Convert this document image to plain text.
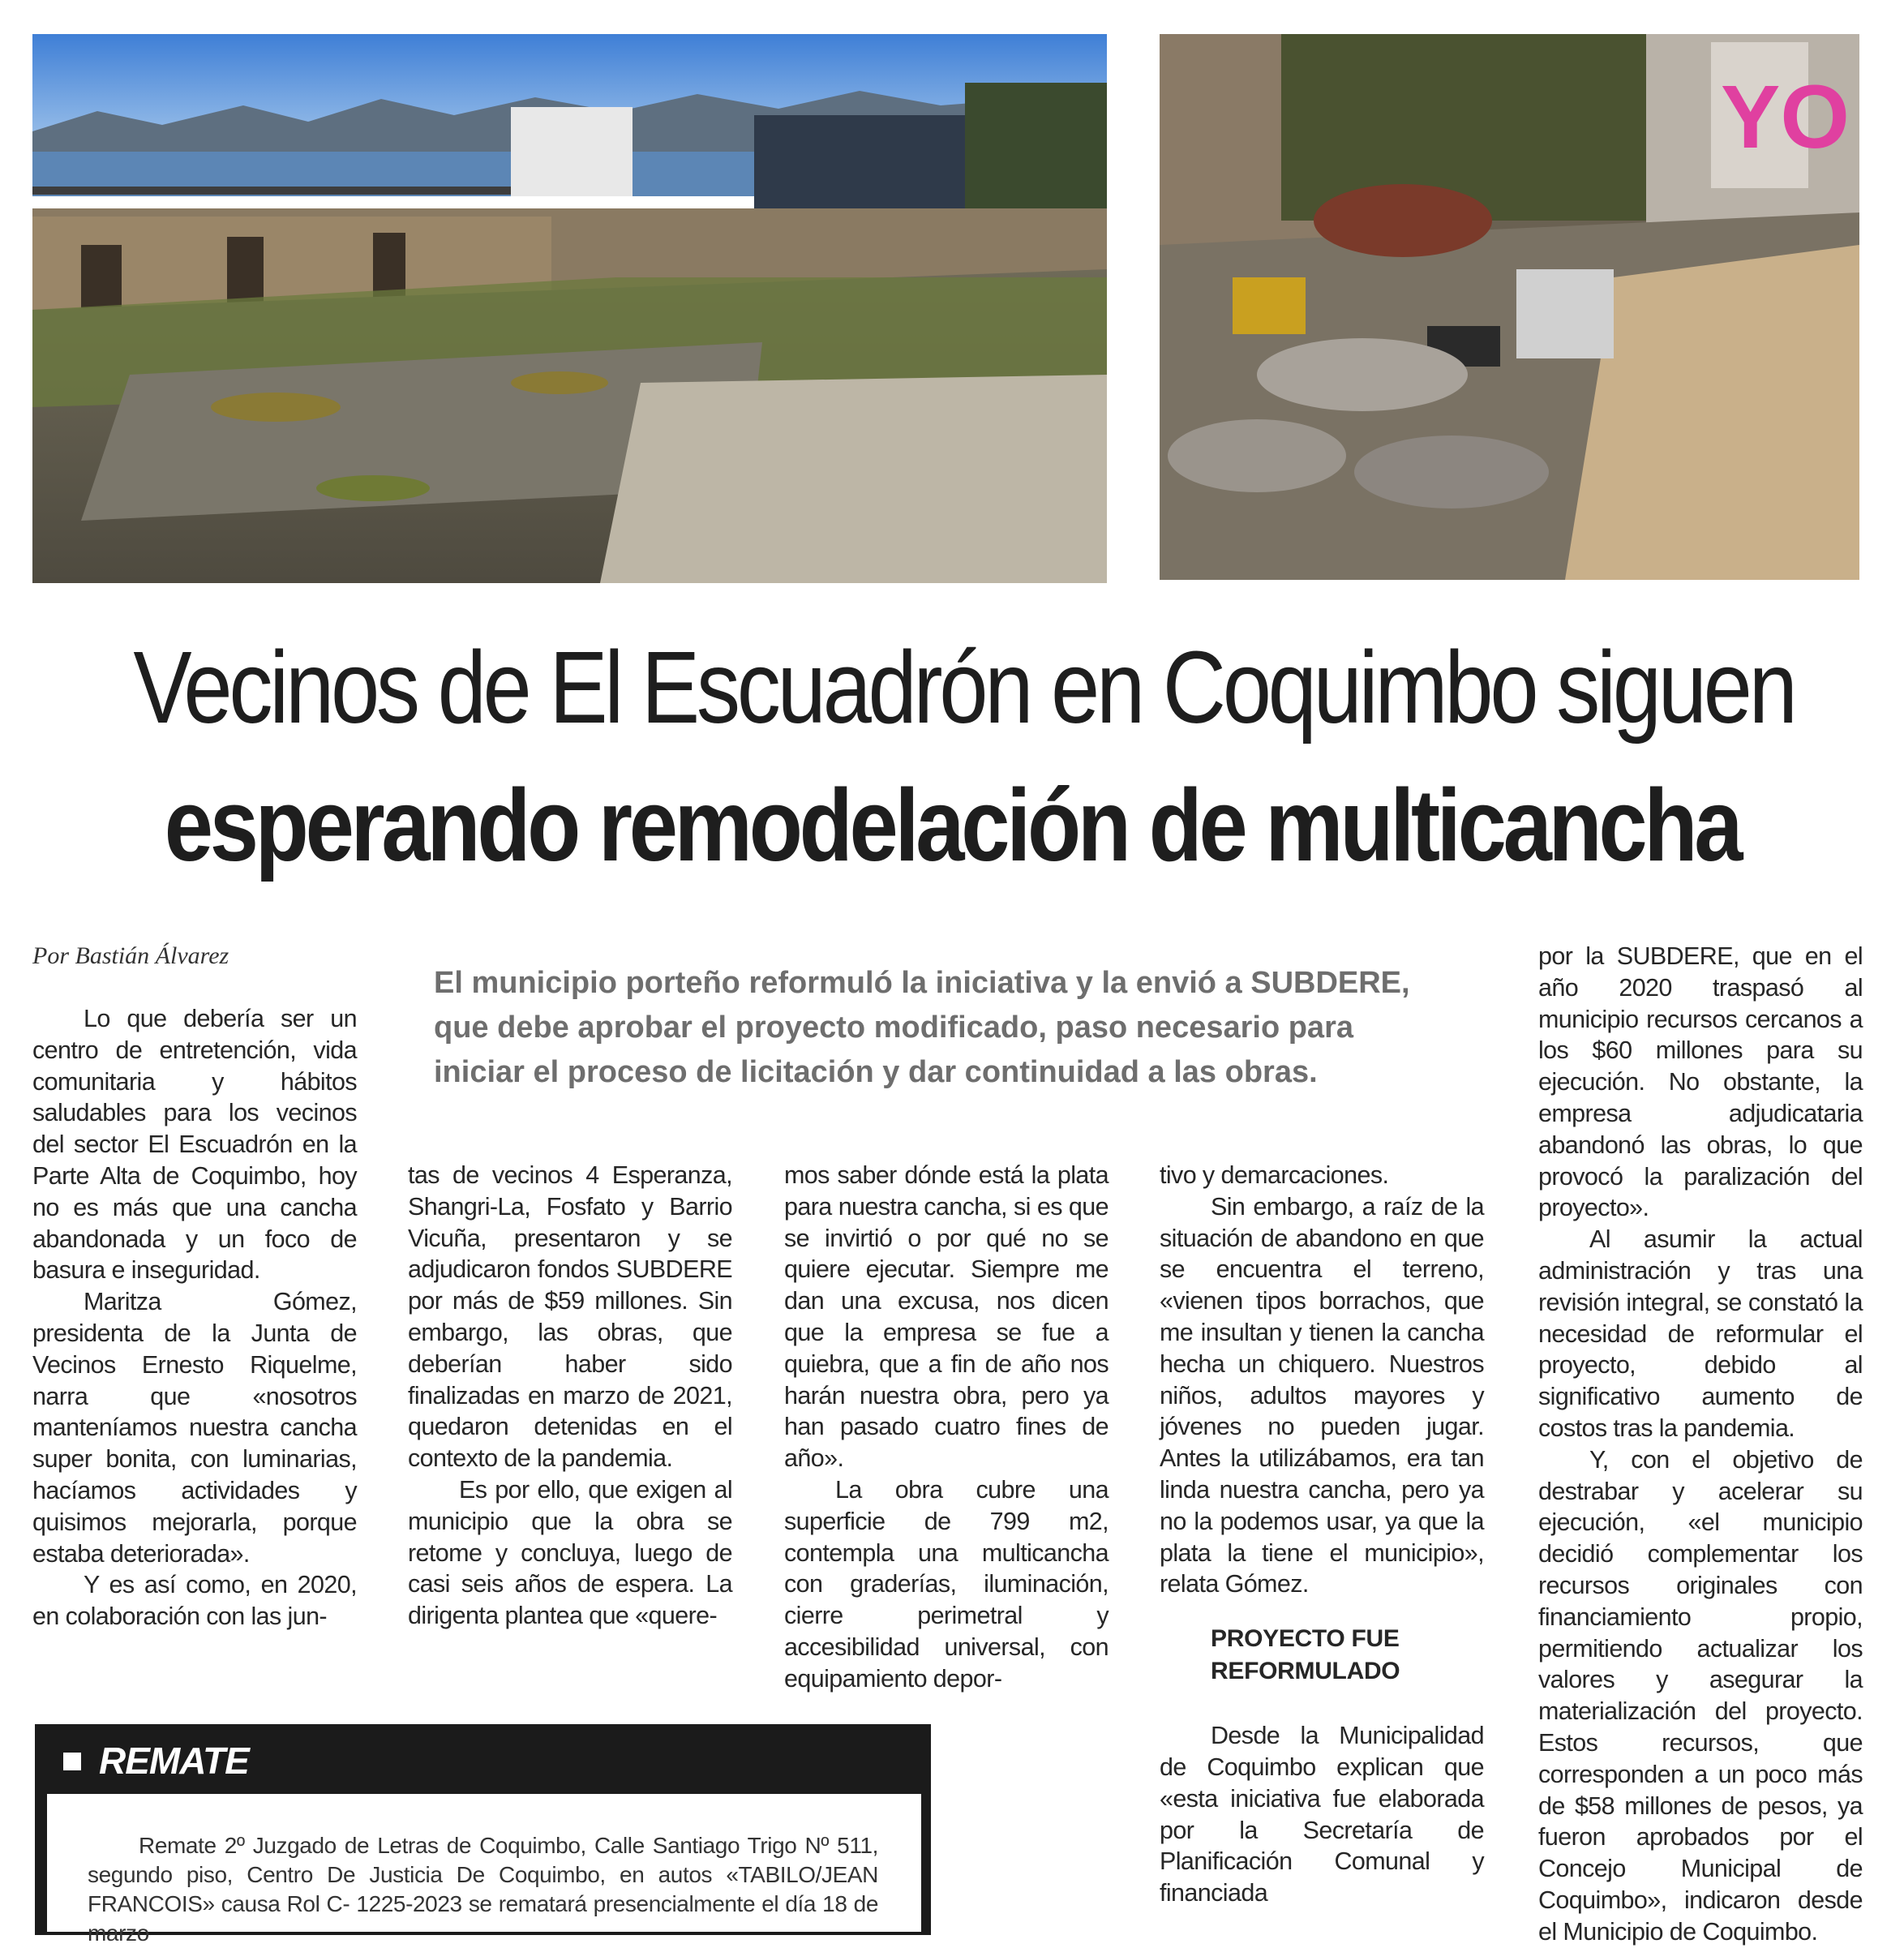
YO
Vecinos de El Escuadrón en Coquimbo siguen
esperando remodelación de multicancha
Por Bastián Álvarez
El municipio porteño reformuló la iniciativa y la envió a SUBDERE, que debe aprobar el proyecto modificado, paso necesario para iniciar el proceso de licitación y dar continuidad a las obras.

Lo que debería ser un centro de entretención, vida comunitaria y hábitos saludables para los vecinos del sector El Escuadrón en la Parte Alta de Coquimbo, hoy no es más que una cancha abandonada y un foco de basura e inseguridad.

Maritza Gómez, presidenta de la Junta de Vecinos Ernesto Riquelme, narra que «nosotros manteníamos nuestra cancha super bonita, con luminarias, hacíamos actividades y quisimos mejorarla, porque estaba deteriorada».

Y es así como, en 2020, en colaboración con las jun-

tas de vecinos 4 Esperanza, Shangri-La, Fosfato y Barrio Vicuña, presentaron y se adjudicaron fondos SUBDERE por más de $59 millones. Sin embargo, las obras, que deberían haber sido finalizadas en marzo de 2021, quedaron detenidas en el contexto de la pandemia.

Es por ello, que exigen al municipio que la obra se retome y concluya, luego de casi seis años de espera. La dirigenta plantea que «quere-

mos saber dónde está la plata para nuestra cancha, si es que se invirtió o por qué no se quiere ejecutar. Siempre me dan una excusa, nos dicen que la empresa se fue a quiebra, que a fin de año nos harán nuestra obra, pero ya han pasado cuatro fines de año».

La obra cubre una superficie de 799 m2, contempla una multicancha con graderías, iluminación, cierre perimetral y accesibilidad universal, con equipamiento depor-

tivo y demarcaciones.

Sin embargo, a raíz de la situación de abandono en que se encuentra el terreno, «vienen tipos borrachos, que me insultan y tienen la cancha hecha un chiquero. Nuestros niños, adultos mayores y jóvenes no pueden jugar. Antes la utilizábamos, era tan linda nuestra cancha, pero ya no la podemos usar, ya que la plata la tiene el municipio», relata Gómez.

PROYECTO FUE REFORMULADO

Desde la Municipalidad de Coquimbo explican que «esta iniciativa fue elaborada por la Secretaría de Planificación Comunal y financiada

por la SUBDERE, que en el año 2020 traspasó al municipio recursos cercanos a los $60 millones para su ejecución. No obstante, la empresa adjudicataria abandonó las obras, lo que provocó la paralización del proyecto».

Al asumir la actual administración y tras una revisión integral, se constató la necesidad de reformular el proyecto, debido al significativo aumento de costos tras la pandemia.

Y, con el objetivo de destrabar y acelerar su ejecución, «el municipio decidió complementar los recursos originales con financiamiento propio, permitiendo actualizar los valores y asegurar la materialización del proyecto. Estos recursos, que corresponden a un poco más de $58 millones de pesos, ya fueron aprobados por el Concejo Municipal de Coquimbo», indicaron desde el Municipio de Coquimbo.

REMATE
Remate 2º Juzgado de Letras de Coquimbo, Calle Santiago Trigo Nº 511, segundo piso, Centro De Justicia De Coquimbo, en autos «TABILO/JEAN FRANCOIS» causa Rol C- 1225-2023 se rematará presencialmente el día 18 de marzo
